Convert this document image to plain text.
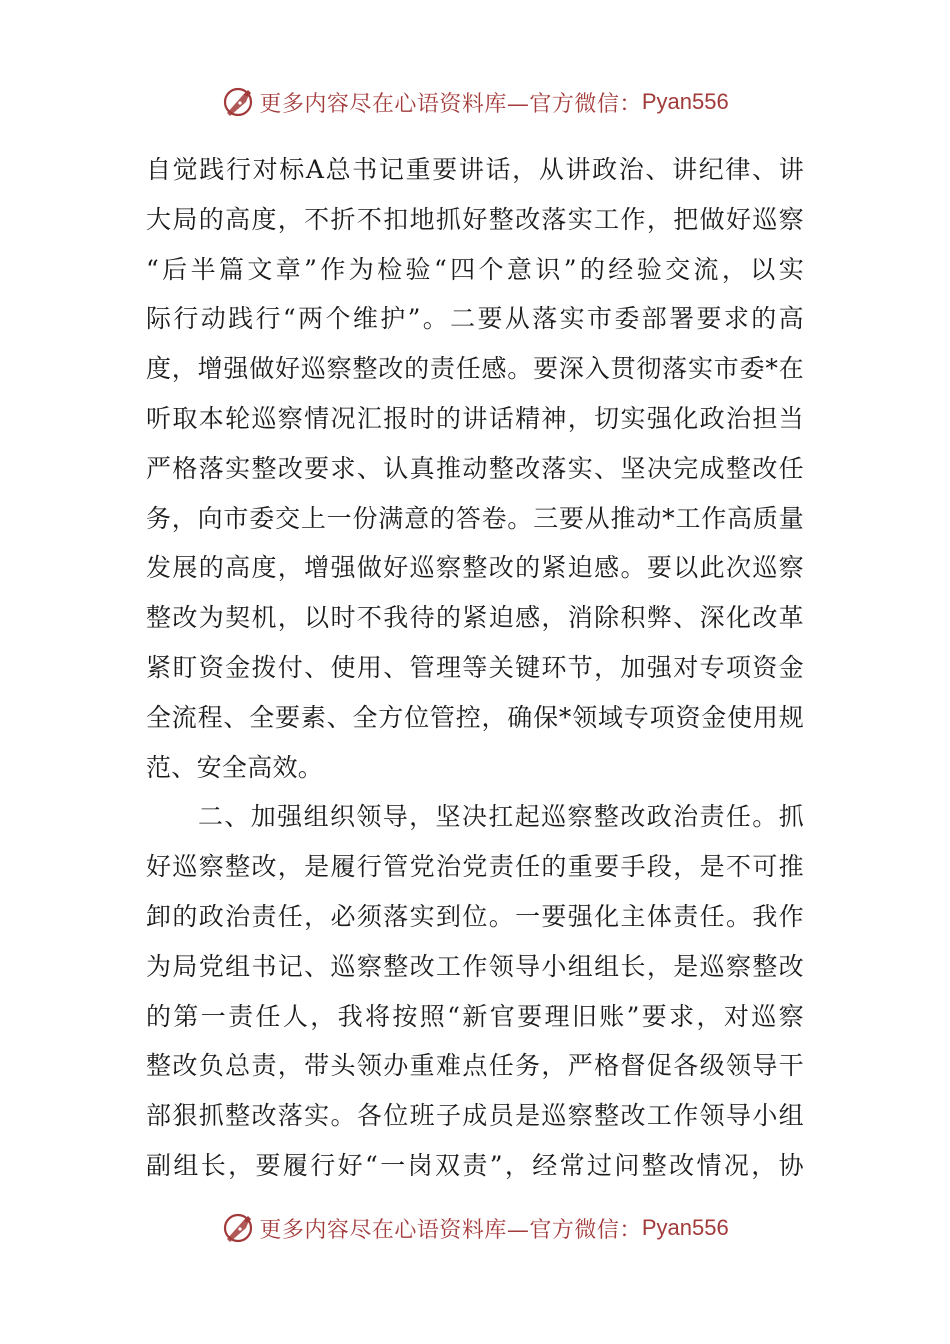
更多内容尽在心语资料库—官方微信： Pyan556
自觉践行对标A总书记重要讲话，从讲政治、讲纪律、讲
大局的高度，不折不扣地抓好整改落实工作，把做好巡察
“后半篇文章”作为检验“四个意识”的经验交流，以实
际行动践行“两个维护”。二要从落实市委部署要求的高
度，增强做好巡察整改的责任感。要深入贯彻落实市委*在
听取本轮巡察情况汇报时的讲话精神，切实强化政治担当
严格落实整改要求、认真推动整改落实、坚决完成整改任
务，向市委交上一份满意的答卷。三要从推动*工作高质量
发展的高度，增强做好巡察整改的紧迫感。要以此次巡察
整改为契机，以时不我待的紧迫感，消除积弊、深化改革
紧盯资金拨付、使用、管理等关键环节，加强对专项资金
全流程、全要素、全方位管控，确保*领域专项资金使用规
范、安全高效。
二、加强组织领导，坚决扛起巡察整改政治责任。抓
好巡察整改，是履行管党治党责任的重要手段，是不可推
卸的政治责任，必须落实到位。一要强化主体责任。我作
为局党组书记、巡察整改工作领导小组组长，是巡察整改
的第一责任人，我将按照“新官要理旧账”要求，对巡察
整改负总责，带头领办重难点任务，严格督促各级领导干
部狠抓整改落实。各位班子成员是巡察整改工作领导小组
副组长，要履行好“一岗双责”，经常过问整改情况，协
更多内容尽在心语资料库—官方微信： Pyan556
